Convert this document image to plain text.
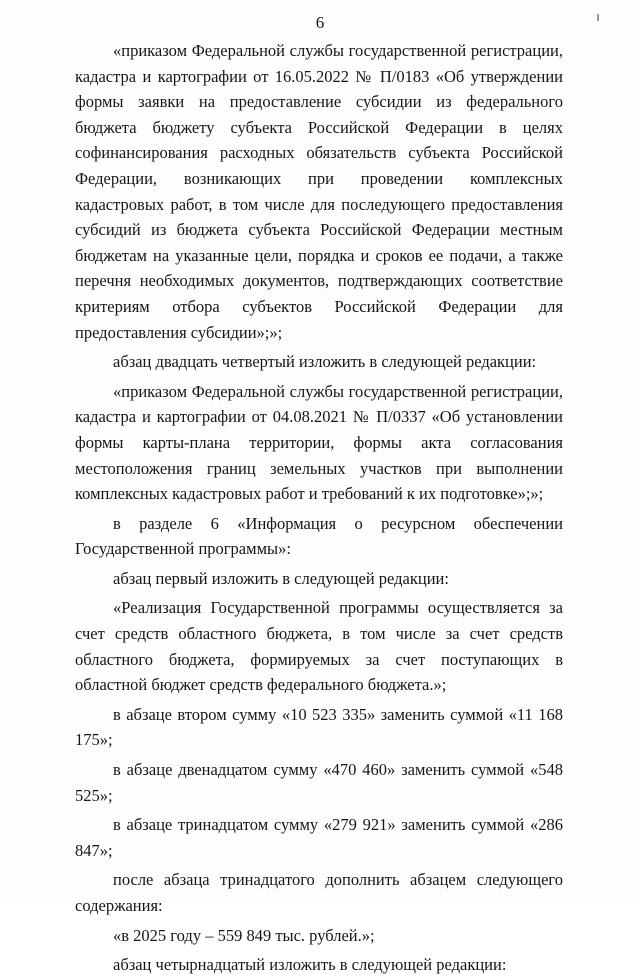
6

«приказом Федеральной службы государственной регистрации, кадастра и картографии от 16.05.2022 № П/0183 «Об утверждении формы заявки на предоставление субсидии из федерального бюджета бюджету субъекта Российской Федерации в целях софинансирования расходных обязательств субъекта Российской Федерации, возникающих при проведении комплексных кадастровых работ, в том числе для последующего предоставления субсидий из бюджета субъекта Российской Федерации местным бюджетам на указанные цели, порядка и сроков ее подачи, а также перечня необходимых документов, подтверждающих соответствие критериям отбора субъектов Российской Федерации для предоставления субсидии»;»;

абзац двадцать четвертый изложить в следующей редакции:

«приказом Федеральной службы государственной регистрации, кадастра и картографии от 04.08.2021 № П/0337 «Об установлении формы карты-плана территории, формы акта согласования местоположения границ земельных участков при выполнении комплексных кадастровых работ и требований к их подготовке»;»;

в разделе 6 «Информация о ресурсном обеспечении Государственной программы»:

абзац первый изложить в следующей редакции:

«Реализация Государственной программы осуществляется за счет средств областного бюджета, в том числе за счет средств областного бюджета, формируемых за счет поступающих в областной бюджет средств федерального бюджета.»;

в абзаце втором сумму «10 523 335» заменить суммой «11 168 175»;

в абзаце двенадцатом сумму «470 460» заменить суммой «548 525»;

в абзаце тринадцатом сумму «279 921» заменить суммой «286 847»;

после абзаца тринадцатого дополнить абзацем следующего содержания:

«в 2025 году – 559 849 тыс. рублей.»;

абзац четырнадцатый изложить в следующей редакции:
